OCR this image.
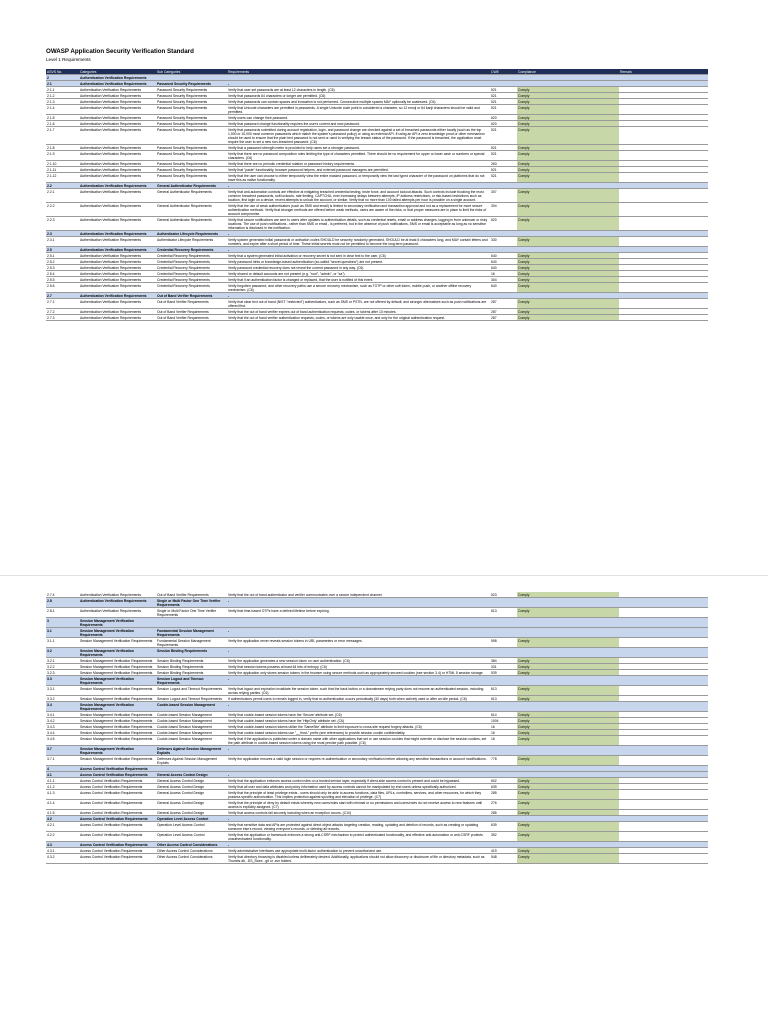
OWASP Application Security Verification Standard
Level 1 Requirements
ASVS No.	Categories	Sub Categories	Requirements	CWE	Compliance	Remark
2	Authentication Verification Requirements					
2.1	Authentication Verification Requirements	Password Security Requirements	-			
2.1.1	Authentication Verification Requirements	Password Security Requirements	Verify that user set passwords are at least 12 characters in length. (C6)	521	Comply	
2.1.2	Authentication Verification Requirements	Password Security Requirements	Verify that passwords 64 characters or longer are permitted. (C6)	521	Comply	
2.1.3	Authentication Verification Requirements	Password Security Requirements	Verify that passwords can contain spaces and truncation is not performed. Consecutive multiple spaces MAY optionally be coalesced. (C6)	521	Comply	
2.1.4	Authentication Verification Requirements	Password Security Requirements	Verify that Unicode characters are permitted in passwords. A single Unicode code point is considered a character, so 12 emoji or 64 kanji characters should be valid and permitted.	521	Comply	
2.1.5	Authentication Verification Requirements	Password Security Requirements	Verify users can change their password.	620	Comply	
2.1.6	Authentication Verification Requirements	Password Security Requirements	Verify that password change functionality requires the user's current and new password.	620	Comply	
2.1.7	Authentication Verification Requirements	Password Security Requirements	Verify that passwords submitted during account registration, login, and password change are checked against a set of breached passwords either locally (such as the top 1,000 or 10,000 most common passwords which match the system's password policy) or using an external API. If using an API a zero knowledge proof or other mechanism should be used to ensure that the plain text password is not sent or used in verifying the breach status of the password. If the password is breached, the application must require the user to set a new non-breached password. (C6)	521	Comply	
2.1.8	Authentication Verification Requirements	Password Security Requirements	Verify that a password strength meter is provided to help users set a stronger password.	521	Comply	
2.1.9	Authentication Verification Requirements	Password Security Requirements	Verify that there are no password composition rules limiting the type of characters permitted. There should be no requirement for upper or lower case or numbers or special characters. (C6)	521	Comply	
2.1.10	Authentication Verification Requirements	Password Security Requirements	Verify that there are no periodic credential rotation or password history requirements.	263	Comply	
2.1.11	Authentication Verification Requirements	Password Security Requirements	Verify that "paste" functionality, browser password helpers, and external password managers are permitted.	521	Comply	
2.1.12	Authentication Verification Requirements	Password Security Requirements	Verify that the user can choose to either temporarily view the entire masked password, or temporarily view the last typed character of the password on platforms that do not have this as native functionality.	521	Comply	
2.2	Authentication Verification Requirements	General Authenticator Requirements	-			
2.2.1	Authentication Verification Requirements	General Authenticator Requirements	Verify that anti-automation controls are effective at mitigating breached credential testing, brute force, and account lockout attacks. Such controls include blocking the most common breached passwords, soft lockouts, rate limiting, CAPTCHA, ever increasing delays between attempts, IP address restrictions, or risk-based restrictions such as location, first login on a device, recent attempts to unlock the account, or similar. Verify that no more than 100 failed attempts per hour is possible on a single account.	307	Comply	
2.2.2	Authentication Verification Requirements	General Authenticator Requirements	Verify that the use of weak authenticators (such as SMS and email) is limited to secondary verification and transaction approval and not as a replacement for more secure authentication methods. Verify that stronger methods are offered before weak methods, users are aware of the risks, or that proper measures are in place to limit the risks of account compromise.	304	Comply	
2.2.3	Authentication Verification Requirements	General Authenticator Requirements	Verify that secure notifications are sent to users after updates to authentication details, such as credential resets, email or address changes, logging in from unknown or risky locations. The use of push notifications - rather than SMS or email - is preferred, but in the absence of push notifications, SMS or email is acceptable as long as no sensitive information is disclosed in the notification.	620	Comply	
2.3	Authentication Verification Requirements	Authenticator Lifecycle Requirements	-			
2.3.1	Authentication Verification Requirements	Authenticator Lifecycle Requirements	Verify system generated initial passwords or activation codes SHOULD be securely randomly generated, SHOULD be at least 6 characters long, and MAY contain letters and numbers, and expire after a short period of time. These initial secrets must not be permitted to become the long term password.	330	Comply	
2.5	Authentication Verification Requirements	Credential Recovery Requirements	-			
2.5.1	Authentication Verification Requirements	Credential Recovery Requirements	Verify that a system generated initial activation or recovery secret is not sent in clear text to the user. (C6)	640	Comply	
2.5.2	Authentication Verification Requirements	Credential Recovery Requirements	Verify password hints or knowledge-based authentication (so-called "secret questions") are not present.	640	Comply	
2.5.3	Authentication Verification Requirements	Credential Recovery Requirements	Verify password credential recovery does not reveal the current password in any way. (C6)	640	Comply	
2.5.4	Authentication Verification Requirements	Credential Recovery Requirements	Verify shared or default accounts are not present (e.g. "root", "admin", or "sa").	16	Comply	
2.5.5	Authentication Verification Requirements	Credential Recovery Requirements	Verify that if an authentication factor is changed or replaced, that the user is notified of this event.	304	Comply	
2.5.6	Authentication Verification Requirements	Credential Recovery Requirements	Verify forgotten password, and other recovery paths use a secure recovery mechanism, such as TOTP or other soft token, mobile push, or another offline recovery mechanism. (C6)	640	Comply	
2.7	Authentication Verification Requirements	Out of Band Verifier Requirements	-			
2.7.1	Authentication Verification Requirements	Out of Band Verifier Requirements	Verify that clear text out of band (NIST "restricted") authenticators, such as SMS or PSTN, are not offered by default, and stronger alternatives such as push notifications are offered first.	287	Comply	
2.7.2	Authentication Verification Requirements	Out of Band Verifier Requirements	Verify that the out of band verifier expires out of band authentication requests, codes, or tokens after 10 minutes.	287	Comply	
2.7.3	Authentication Verification Requirements	Out of Band Verifier Requirements	Verify that the out of band verifier authentication requests, codes, or tokens are only usable once, and only for the original authentication request.	287	Comply	
2.7.4	Authentication Verification Requirements	Out of Band Verifier Requirements	Verify that the out of band authenticator and verifier communicates over a secure independent channel.	523	Comply		
2.8	Authentication Verification Requirements	Single or Multi Factor One Time Verifier Requirements	-				
2.8.1	Authentication Verification Requirements	Single or Multi Factor One Time Verifier Requirements	Verify that time-based OTPs have a defined lifetime before expiring.	613	Comply		
3	Session Management Verification Requirements						
3.1	Session Management Verification Requirements	Fundamental Session Management Requirements	-				
3.1.1	Session Management Verification Requirements	Fundamental Session Management Requirements	Verify the application never reveals session tokens in URL parameters or error messages.	598	Comply		
3.2	Session Management Verification Requirements	Session Binding Requirements	-				
3.2.1	Session Management Verification Requirements	Session Binding Requirements	Verify the application generates a new session token on user authentication. (C6)	384	Comply		
3.2.2	Session Management Verification Requirements	Session Binding Requirements	Verify that session tokens possess at least 64 bits of entropy. (C6)	331	Comply		
3.2.3	Session Management Verification Requirements	Session Binding Requirements	Verify the application only stores session tokens in the browser using secure methods such as appropriately secured cookies (see section 3.4) or HTML 5 session storage.	539	Comply		
3.3	Session Management Verification Requirements	Session Logout and Timeout Requirements	-				
3.3.1	Session Management Verification Requirements	Session Logout and Timeout Requirements	Verify that logout and expiration invalidate the session token, such that the back button or a downstream relying party does not resume an authenticated session, including across relying parties. (C6)	613	Comply		
3.3.2	Session Management Verification Requirements	Session Logout and Timeout Requirements	If authenticators permit users to remain logged in, verify that re-authentication occurs periodically (30 days) both when actively used or after an idle period. (C6)	613	Comply		
3.4	Session Management Verification Requirements	Cookie-based Session Management	-				
3.4.1	Session Management Verification Requirements	Cookie-based Session Management	Verify that cookie-based session tokens have the 'Secure' attribute set. (C6)	614	Comply		
3.4.2	Session Management Verification Requirements	Cookie-based Session Management	Verify that cookie-based session tokens have the 'HttpOnly' attribute set. (C6)	1004	Comply		
3.4.3	Session Management Verification Requirements	Cookie-based Session Management	Verify that cookie-based session tokens utilize the 'SameSite' attribute to limit exposure to cross-site request forgery attacks. (C6)	16	Comply		
3.4.4	Session Management Verification Requirements	Cookie-based Session Management	Verify that cookie-based session tokens use "__Host-" prefix (see references) to provide session cookie confidentiality.	16	Comply		
3.4.5	Session Management Verification Requirements	Cookie-based Session Management	Verify that if the application is published under a domain name with other applications that set or use session cookies that might override or disclose the session cookies, set the path attribute in cookie-based session tokens using the most precise path possible. (C6)	16	Comply		
3.7	Session Management Verification Requirements	Defenses Against Session Management Exploits	-				
3.7.1	Session Management Verification Requirements	Defenses Against Session Management Exploits	Verify the application ensures a valid login session or requires re-authentication or secondary verification before allowing any sensitive transactions or account modifications.	778	Comply		
4	Access Control Verification Requirements						
4.1	Access Control Verification Requirements	General Access Control Design	-				
4.1.1	Access Control Verification Requirements	General Access Control Design	Verify that the application enforces access control rules on a trusted service layer, especially if client-side access control is present and could be bypassed.	602	Comply		
4.1.2	Access Control Verification Requirements	General Access Control Design	Verify that all user and data attributes and policy information used by access controls cannot be manipulated by end users unless specifically authorized.	639	Comply		
4.1.3	Access Control Verification Requirements	General Access Control Design	Verify that the principle of least privilege exists - users should only be able to access functions, data files, URLs, controllers, services, and other resources, for which they possess specific authorization. This implies protection against spoofing and elevation of privilege. (C7)	285	Comply		
4.1.4	Access Control Verification Requirements	General Access Control Design	Verify that the principle of deny by default exists whereby new users/roles start with minimal or no permissions and users/roles do not receive access to new features until access is explicitly assigned. (C7)	276	Comply		
4.1.5	Access Control Verification Requirements	General Access Control Design	Verify that access controls fail securely including when an exception occurs. (C10)	285	Comply		
4.2	Access Control Verification Requirements	Operation Level Access Control	-				
4.2.1	Access Control Verification Requirements	Operation Level Access Control	Verify that sensitive data and APIs are protected against direct object attacks targeting creation, reading, updating and deletion of records, such as creating or updating someone else's record, viewing everyone's records, or deleting all records.	639	Comply		
4.2.2	Access Control Verification Requirements	Operation Level Access Control	Verify that the application or framework enforces a strong anti-CSRF mechanism to protect authenticated functionality, and effective anti-automation or anti-CSRF protects unauthenticated functionality.	352	Comply		
4.3	Access Control Verification Requirements	Other Access Control Considerations	-				
4.3.1	Access Control Verification Requirements	Other Access Control Considerations	Verify administrative interfaces use appropriate multi-factor authentication to prevent unauthorized use.	419	Comply		
4.3.2	Access Control Verification Requirements	Other Access Control Considerations	Verify that directory browsing is disabled unless deliberately desired. Additionally, applications should not allow discovery or disclosure of file or directory metadata, such as Thumbs.db, .DS_Store, .git or .svn folders.	548	Comply		
